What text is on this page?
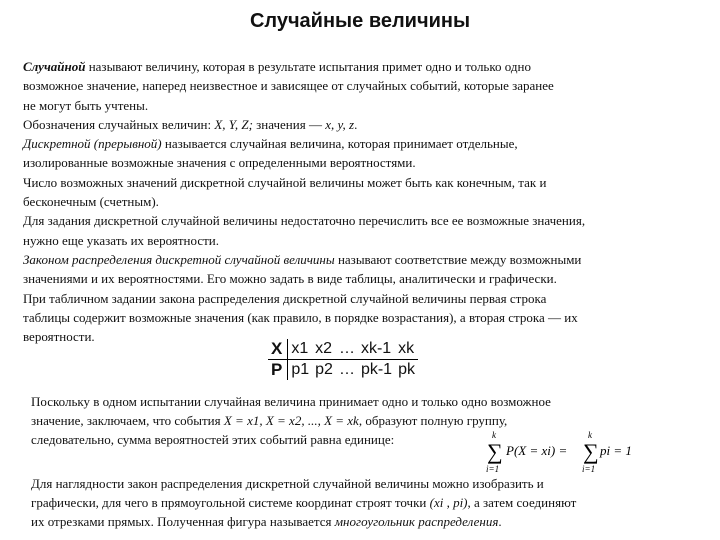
Случайные величины
Случайной называют величину, которая в результате испытания примет одно и только одно
возможное значение, наперед неизвестное и зависящее от случайных событий, которые заранее
не могут быть учтены.
Обозначения случайных величин: X, Y, Z; значения — x, y, z.
Дискретной (прерывной) называется случайная величина, которая принимает отдельные,
изолированные возможные значения с определенными вероятностями.
Число возможных значений дискретной случайной величины может быть как конечным, так и
бесконечным (счетным).
Для задания дискретной случайной величины недостаточно перечислить все ее возможные значения,
нужно еще указать их вероятности.
Законом распределения дискретной случайной величины называют соответствие между возможными
значениями и их вероятностями. Его можно задать в виде таблицы, аналитически и графически.
При табличном задании закона распределения дискретной случайной величины первая строка
таблицы содержит возможные значения (как правило, в порядке возрастания), а вторая строка — их
вероятности.
X	x1	x2	…	xk-1	xk
P	p1	p2	…	pk-1	pk
Поскольку в одном испытании случайная величина принимает одно и только одно возможное
значение, заключаем, что события X = x1, X = x2, ..., X = xk, образуют полную группу,
следовательно, сумма вероятностей этих событий равна единице:	k
∑
i=1
P(X = xi) =
k
∑
i=1
pi = 1
Для наглядности закон распределения дискретной случайной величины можно изобразить и
графически, для чего в прямоугольной системе координат строят точки (xi , pi), а затем соединяют
их отрезками прямых. Полученная фигура называется многоугольник распределения.
